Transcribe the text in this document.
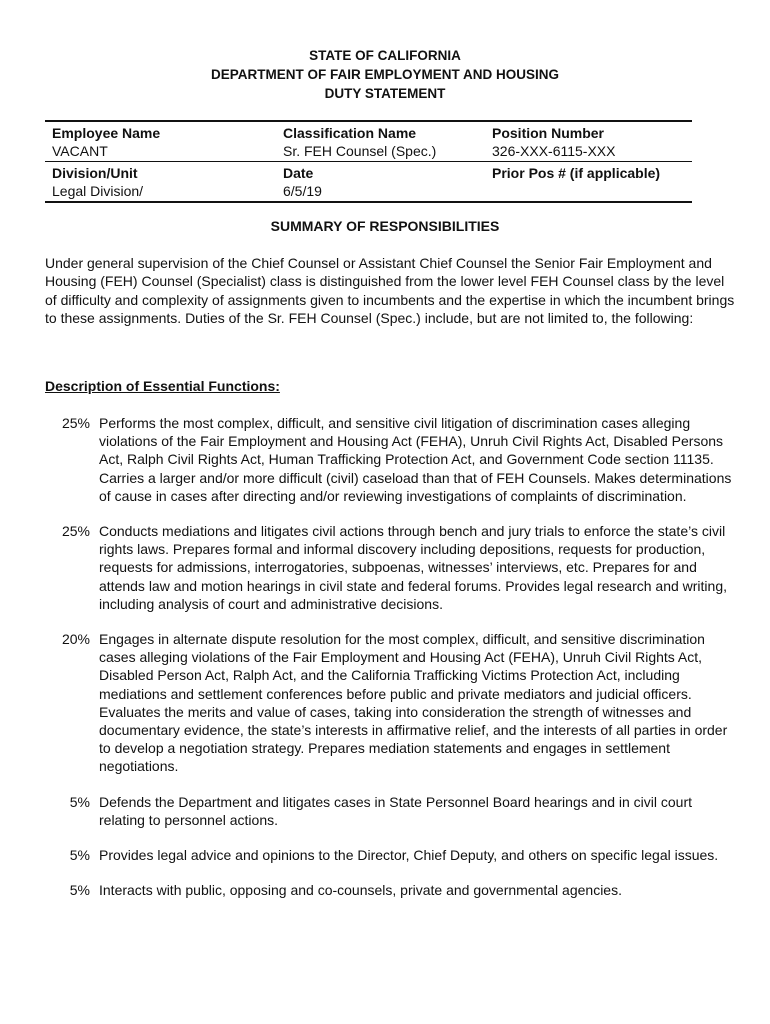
STATE OF CALIFORNIA
DEPARTMENT OF FAIR EMPLOYMENT AND HOUSING
DUTY STATEMENT
Employee Name
VACANT
Classification Name
Sr. FEH Counsel (Spec.)
Position Number
326-XXX-6115-XXX
Division/Unit
Legal Division/
Date
6/5/19
Prior Pos # (if applicable)
SUMMARY OF RESPONSIBILITIES
Under general supervision of the Chief Counsel or Assistant Chief Counsel the Senior Fair Employment and Housing (FEH) Counsel (Specialist) class is distinguished from the lower level FEH Counsel class by the level of difficulty and complexity of assignments given to incumbents and the expertise in which the incumbent brings to these assignments. Duties of the Sr. FEH Counsel (Spec.) include, but are not limited to, the following:
Description of Essential Functions:
25% Performs the most complex, difficult, and sensitive civil litigation of discrimination cases alleging violations of the Fair Employment and Housing Act (FEHA), Unruh Civil Rights Act, Disabled Persons Act, Ralph Civil Rights Act, Human Trafficking Protection Act, and Government Code section 11135. Carries a larger and/or more difficult (civil) caseload than that of FEH Counsels. Makes determinations of cause in cases after directing and/or reviewing investigations of complaints of discrimination.
25% Conducts mediations and litigates civil actions through bench and jury trials to enforce the state’s civil rights laws. Prepares formal and informal discovery including depositions, requests for production, requests for admissions, interrogatories, subpoenas, witnesses’ interviews, etc. Prepares for and attends law and motion hearings in civil state and federal forums. Provides legal research and writing, including analysis of court and administrative decisions.
20% Engages in alternate dispute resolution for the most complex, difficult, and sensitive discrimination cases alleging violations of the Fair Employment and Housing Act (FEHA), Unruh Civil Rights Act, Disabled Person Act, Ralph Act, and the California Trafficking Victims Protection Act, including mediations and settlement conferences before public and private mediators and judicial officers. Evaluates the merits and value of cases, taking into consideration the strength of witnesses and documentary evidence, the state’s interests in affirmative relief, and the interests of all parties in order to develop a negotiation strategy. Prepares mediation statements and engages in settlement negotiations.
5% Defends the Department and litigates cases in State Personnel Board hearings and in civil court relating to personnel actions.
5% Provides legal advice and opinions to the Director, Chief Deputy, and others on specific legal issues.
5% Interacts with public, opposing and co-counsels, private and governmental agencies.
